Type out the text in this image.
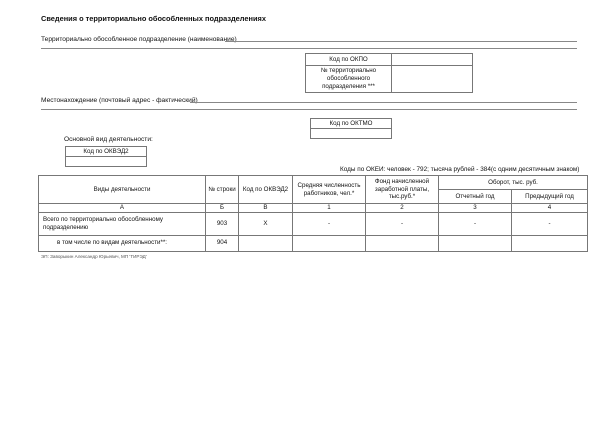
Сведения о территориально обособленных подразделениях
Территориально обособленное подразделение (наименование)
Код по ОКПО	
№ территориально обособленного подразделения ***	
Местонахождение (почтовый адрес - фактический)
Код по ОКТМО

Основной вид деятельности:
Код по ОКВЭД2

Коды по ОКЕИ: человек - 792; тысяча рублей - 384(с одним десятичным знаком)
Виды деятельности	№ строки	Код по ОКВЭД2	Средняя численность работников, чел.*	Фонд начисленной заработной платы, тыс.руб.*	Оборот, тыс. руб.	
					Отчетный год	Предыдущий год
А	Б	В	1	2	3	4
Всего по территориально обособленному подразделению	903	Х	-	-	-	-
в том числе по видам деятельности**:	904					
ЭП: Заворыкин Александр Юрьевич, МП 'ТИРЭД'
